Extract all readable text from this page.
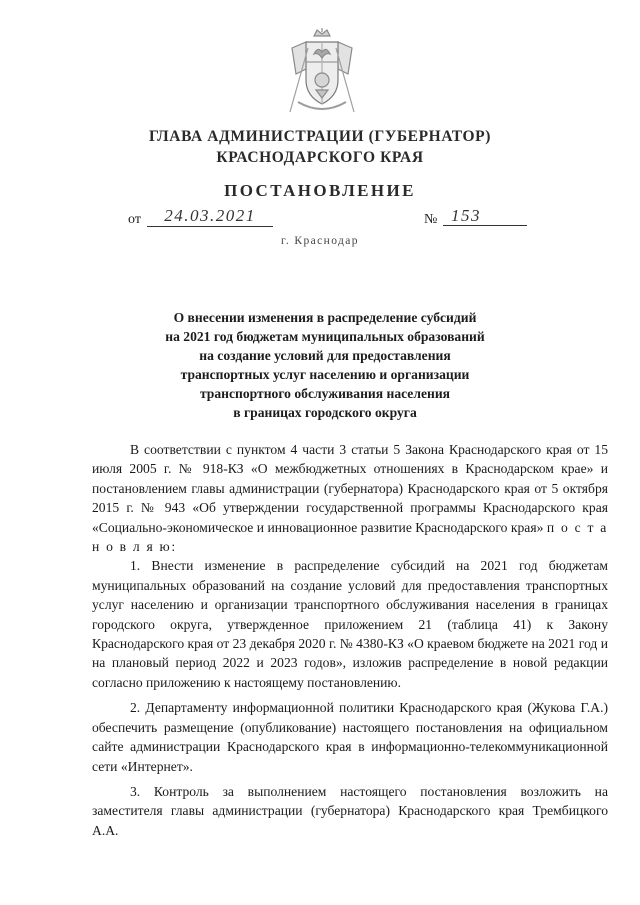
ГЛАВА АДМИНИСТРАЦИИ (ГУБЕРНАТОР)
КРАСНОДАРСКОГО КРАЯ
ПОСТАНОВЛЕНИЕ
от	24.03.2021	№ 153
г. Краснодар
О внесении изменения в распределение субсидий
на 2021 год бюджетам муниципальных образований
на создание условий для предоставления
транспортных услуг населению и организации
транспортного обслуживания населения
в границах городского округа

В соответствии с пунктом 4 части 3 статьи 5 Закона Краснодарского края от 15 июля 2005 г. № 918-КЗ «О межбюджетных отношениях в Краснодарском крае» и постановлением главы администрации (губернатора) Краснодарского края от 5 октября 2015 г. № 943 «Об утверждении государственной программы Краснодарского края «Социально-экономическое и инновационное развитие Краснодарского края» п о с т а н о в л я ю:

1. Внести изменение в распределение субсидий на 2021 год бюджетам муниципальных образований на создание условий для предоставления транспортных услуг населению и организации транспортного обслуживания населения в границах городского округа, утвержденное приложением 21 (таблица 41) к Закону Краснодарского края от 23 декабря 2020 г. № 4380-КЗ «О краевом бюджете на 2021 год и на плановый период 2022 и 2023 годов», изложив распределение в новой редакции согласно приложению к настоящему постановлению.

2. Департаменту информационной политики Краснодарского края (Жукова Г.А.) обеспечить размещение (опубликование) настоящего постановления на официальном сайте администрации Краснодарского края в информационно-телекоммуникационной сети «Интернет».

3. Контроль за выполнением настоящего постановления возложить на заместителя главы администрации (губернатора) Краснодарского края Трембицкого А.А.
